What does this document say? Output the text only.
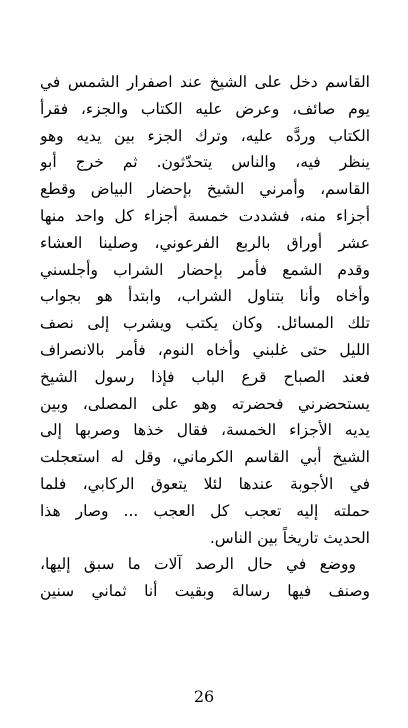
القاسم دخل على الشيخ عند اصفرار الشمس في
يوم صائف، وعرض عليه الكتاب والجزء، فقرأ
الكتاب وردَّه عليه، وترك الجزء بين يديه وهو
ينظر فيه، والناس يتحدّثون. ثم خرج أبو
القاسم، وأمرني الشيخ بإحضار البياض وقطع
أجزاء منه، فشددت خمسة أجزاء كل واحد منها
عشر أوراق بالربع الفرعوني، وصلينا العشاء
وقدم الشمع فأمر بإحضار الشراب وأجلسني
وأخاه وأنا بتناول الشراب، وابتدأ هو بجواب
تلك المسائل. وكان يكتب ويشرب إلى نصف
الليل حتى غلبني وأخاه النوم، فأمر بالانصراف
فعند الصباح قرع الباب فإذا رسول الشيخ
يستحضرني فحضرته وهو على المصلى، وبين
يديه الأجزاء الخمسة، فقال خذها وصربها إلى
الشيخ أبي القاسم الكرماني، وقل له استعجلت
في الأجوبة عندها لئلا يتعوق الركابي، فلما
حملته إليه تعجب كل العجب ... وصار هذا
الحديث تاريخاً بين الناس.
ووضع في حال الرصد آلات ما سبق إليها،
وصنف فيها رسالة وبقيت أنا ثماني سنين
26
